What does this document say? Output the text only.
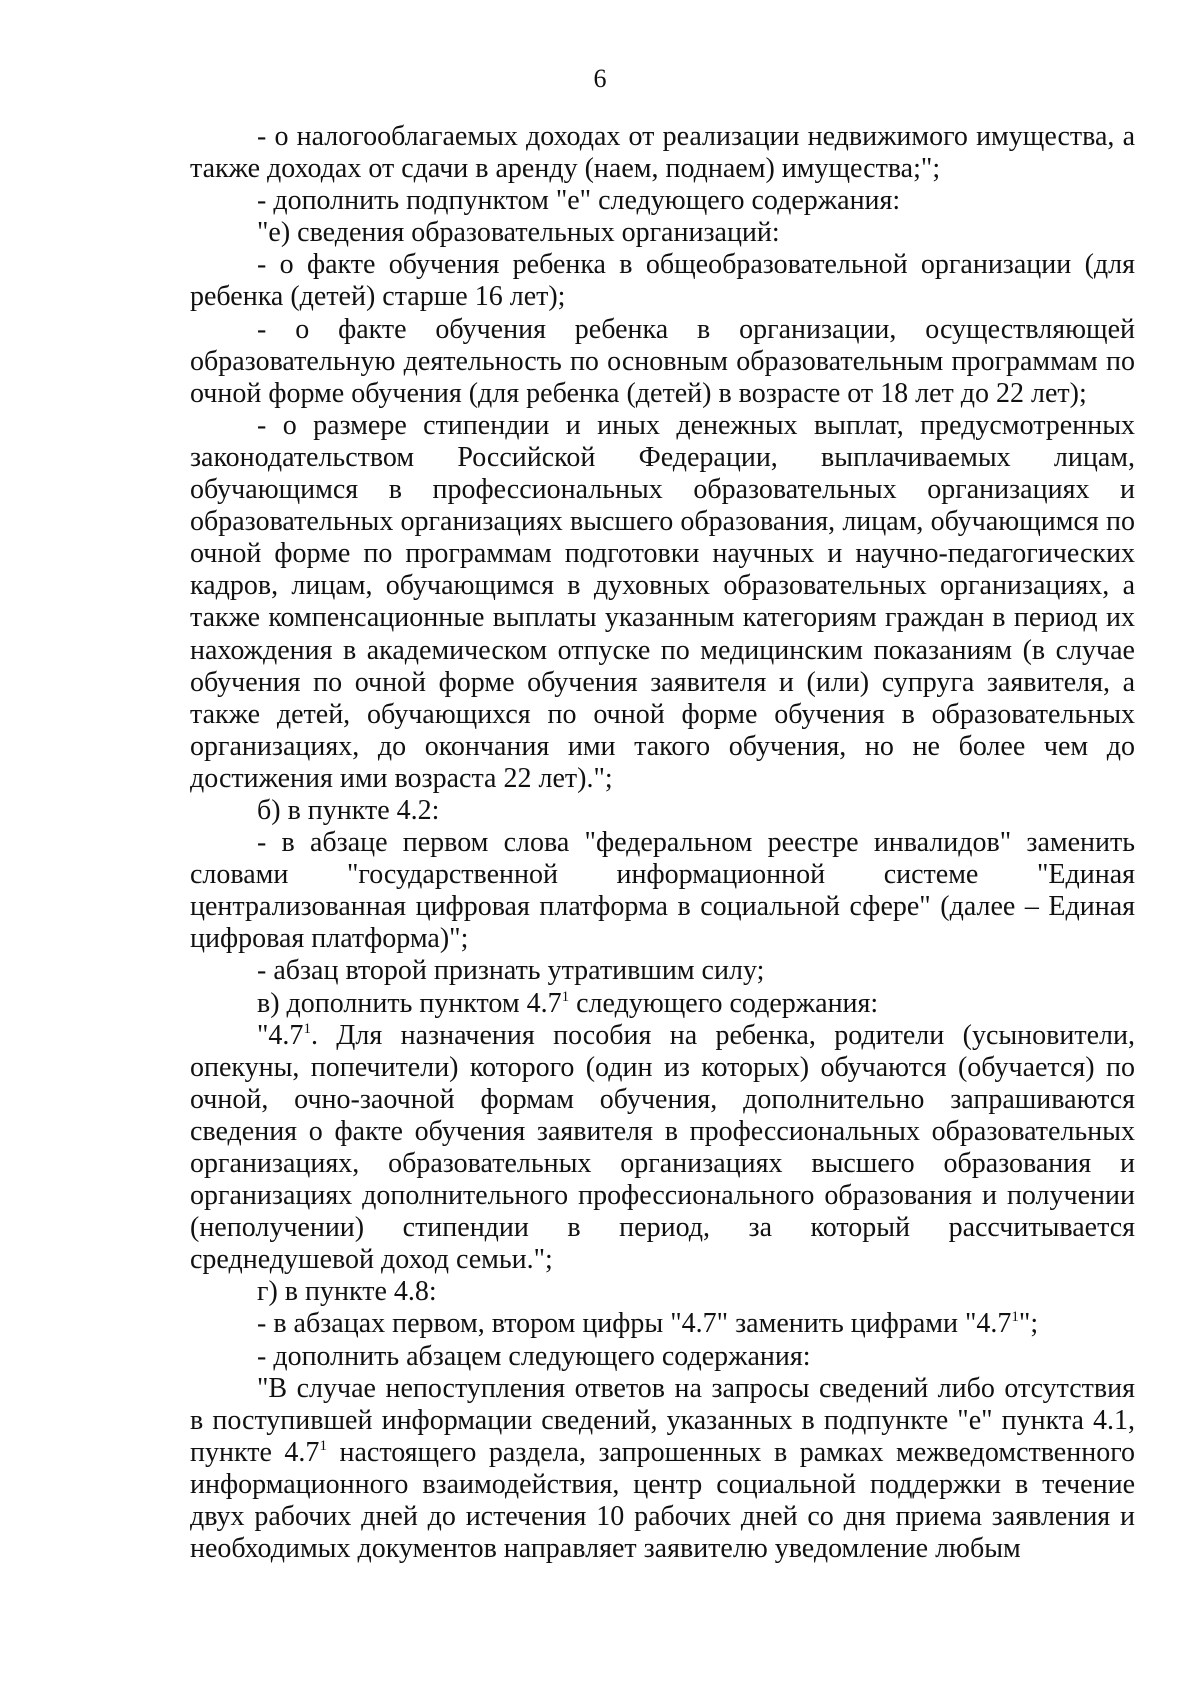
6

- о налогооблагаемых доходах от реализации недвижимого имущества, а также доходах от сдачи в аренду (наем, поднаем) имущества;";

- дополнить подпунктом "е" следующего содержания:

"е) сведения образовательных организаций:

- о факте обучения ребенка в общеобразовательной организации (для ребенка (детей) старше 16 лет);

- о факте обучения ребенка в организации, осуществляющей образовательную деятельность по основным образовательным программам по очной форме обучения (для ребенка (детей) в возрасте от 18 лет до 22 лет);

- о размере стипендии и иных денежных выплат, предусмотренных законодательством Российской Федерации, выплачиваемых лицам, обучающимся в профессиональных образовательных организациях и образовательных организациях высшего образования, лицам, обучающимся по очной форме по программам подготовки научных и научно-педагогических кадров, лицам, обучающимся в духовных образовательных организациях, а также компенсационные выплаты указанным категориям граждан в период их нахождения в академическом отпуске по медицинским показаниям (в случае обучения по очной форме обучения заявителя и (или) супруга заявителя, а также детей, обучающихся по очной форме обучения в образовательных организациях, до окончания ими такого обучения, но не более чем до достижения ими возраста 22 лет).";

б) в пункте 4.2:

- в абзаце первом слова "федеральном реестре инвалидов" заменить словами "государственной информационной системе "Единая централизованная цифровая платформа в социальной сфере" (далее – Единая цифровая платформа)";

- абзац второй признать утратившим силу;

в) дополнить пунктом $4.7^1$ следующего содержания:

"$4.7^1$. Для назначения пособия на ребенка, родители (усыновители, опекуны, попечители) которого (один из которых) обучаются (обучается) по очной, очно-заочной формам обучения, дополнительно запрашиваются сведения о факте обучения заявителя в профессиональных образовательных организациях, образовательных организациях высшего образования и организациях дополнительного профессионального образования и получении (неполучении) стипендии в период, за который рассчитывается среднедушевой доход семьи.";

г) в пункте 4.8:

- в абзацах первом, втором цифры "4.7" заменить цифрами "$4.7^1$";

- дополнить абзацем следующего содержания:

"В случае непоступления ответов на запросы сведений либо отсутствия в поступившей информации сведений, указанных в подпункте "е" пункта 4.1, пункте $4.7^1$ настоящего раздела, запрошенных в рамках межведомственного информационного взаимодействия, центр социальной поддержки в течение двух рабочих дней до истечения 10 рабочих дней со дня приема заявления и необходимых документов направляет заявителю уведомление любым
